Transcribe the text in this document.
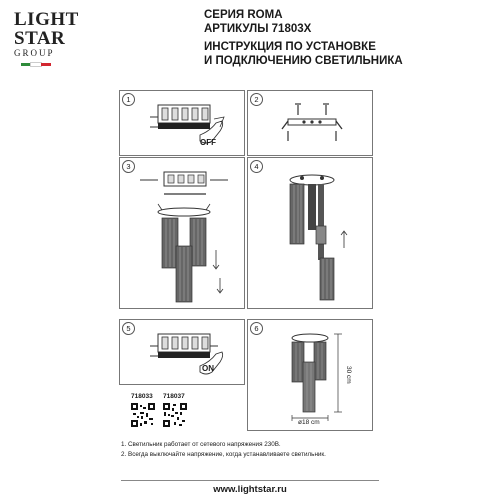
LIGHT
STAR
GROUP
СЕРИЯ ROMA
АРТИКУЛЫ 71803X
ИНСТРУКЦИЯ ПО УСТАНОВКЕ
И ПОДКЛЮЧЕНИЮ СВЕТИЛЬНИКА
1
OFF
2
3	4
5
ON
6
30 cm
ø18 cm
718033 718037
1. Светильник работает от сетевого напряжения 230В.
2. Всегда выключайте напряжение, когда устанавливаете светильник.
www.lightstar.ru
